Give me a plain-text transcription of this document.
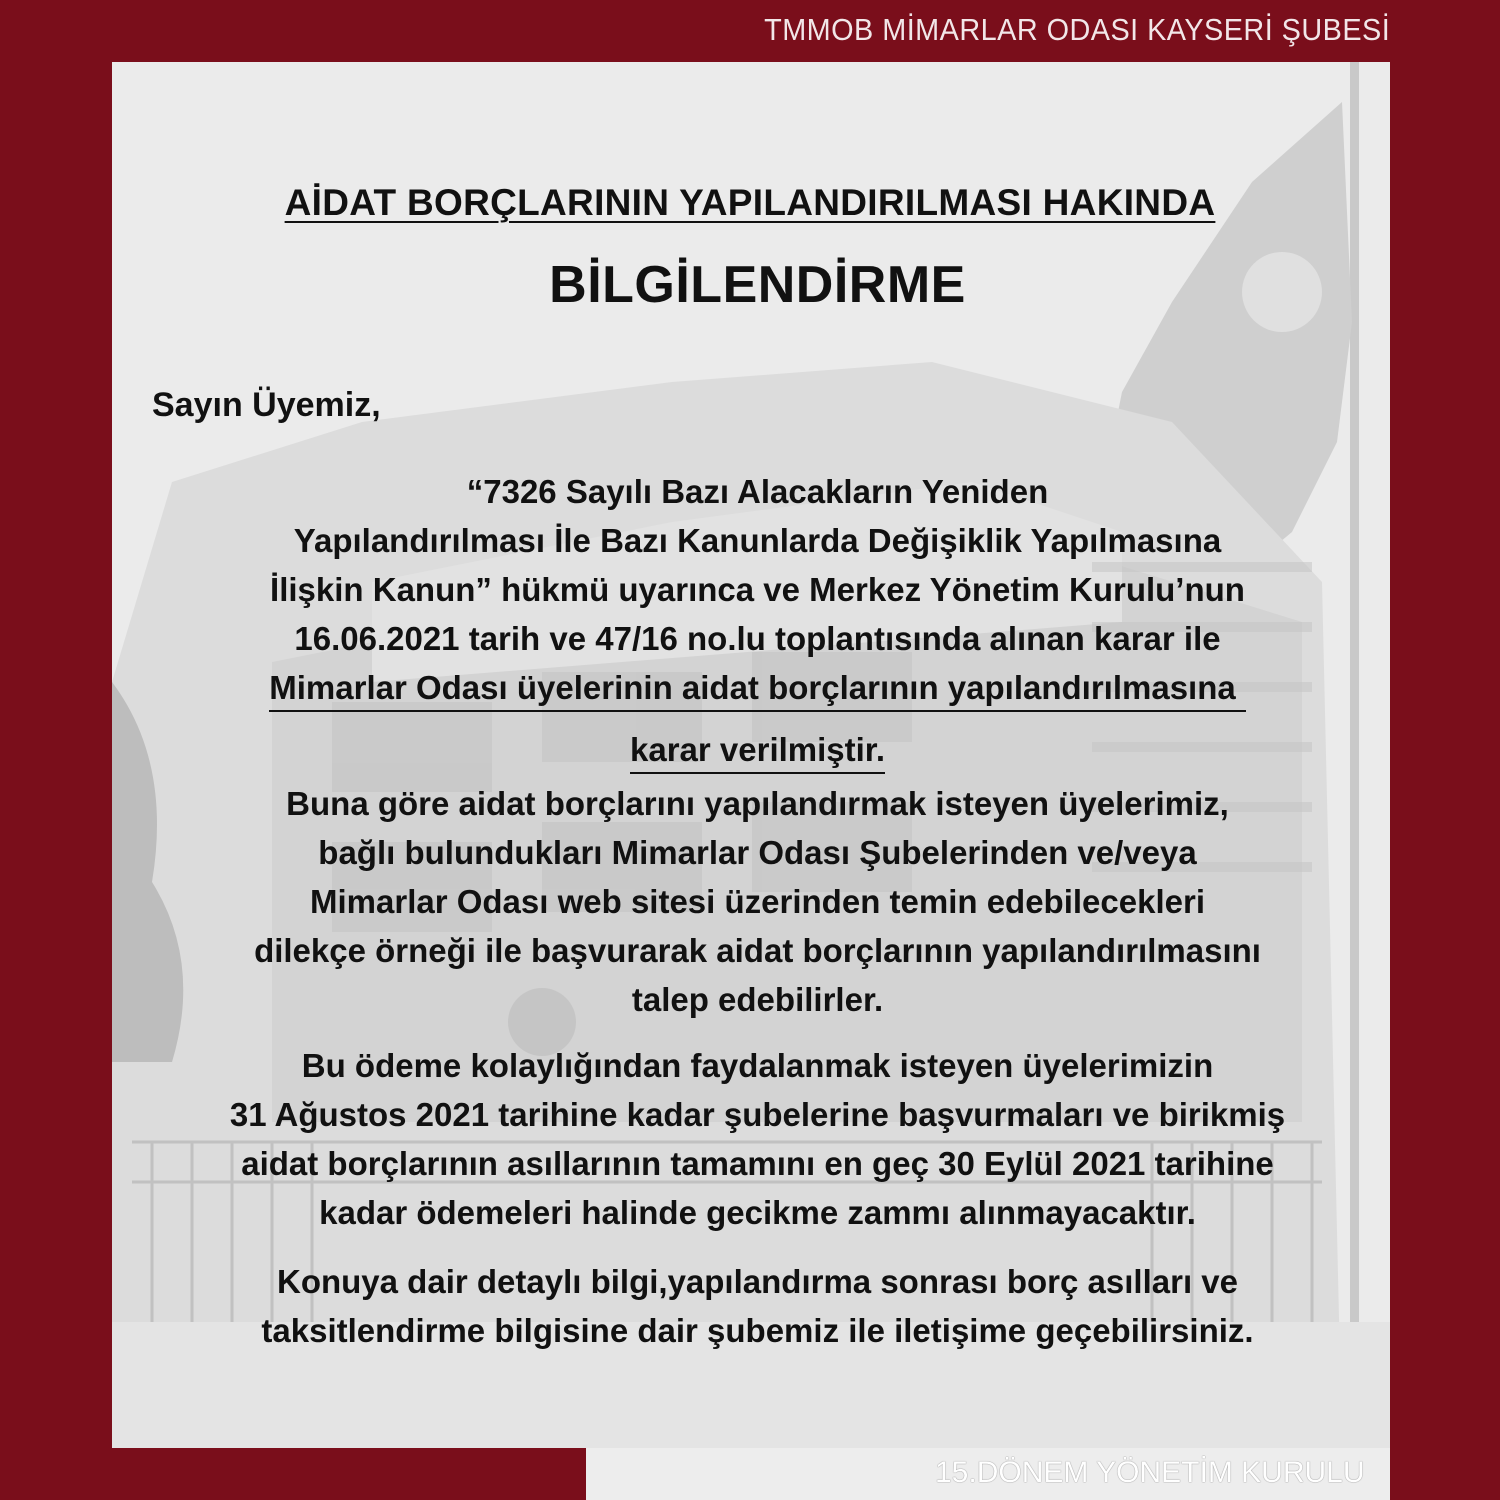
TMMOB MİMARLAR ODASI KAYSERİ ŞUBESİ
15.DÖNEM YÖNETİM KURULU
AİDAT BORÇLARININ YAPILANDIRILMASI HAKINDA
BİLGİLENDİRME
Sayın Üyemiz,
“7326 Sayılı Bazı Alacakların Yeniden
Yapılandırılması İle Bazı Kanunlarda Değişiklik Yapılmasına
İlişkin Kanun” hükmü uyarınca ve Merkez Yönetim Kurulu’nun
16.06.2021 tarih ve 47/16 no.lu toplantısında alınan karar ile
Mimarlar Odası üyelerinin aidat borçlarının yapılandırılmasına
karar verilmiştir.
Buna göre aidat borçlarını yapılandırmak isteyen üyelerimiz,
bağlı bulundukları Mimarlar Odası Şubelerinden ve/veya
Mimarlar Odası web sitesi üzerinden temin edebilecekleri
dilekçe örneği ile başvurarak aidat borçlarının yapılandırılmasını
talep edebilirler.
Bu ödeme kolaylığından faydalanmak isteyen üyelerimizin
31 Ağustos 2021 tarihine kadar şubelerine başvurmaları ve birikmiş
aidat borçlarının asıllarının tamamını en geç 30 Eylül 2021 tarihine
kadar ödemeleri halinde gecikme zammı alınmayacaktır.
Konuya dair detaylı bilgi,yapılandırma sonrası borç asılları ve
taksitlendirme bilgisine dair şubemiz ile iletişime geçebilirsiniz.
